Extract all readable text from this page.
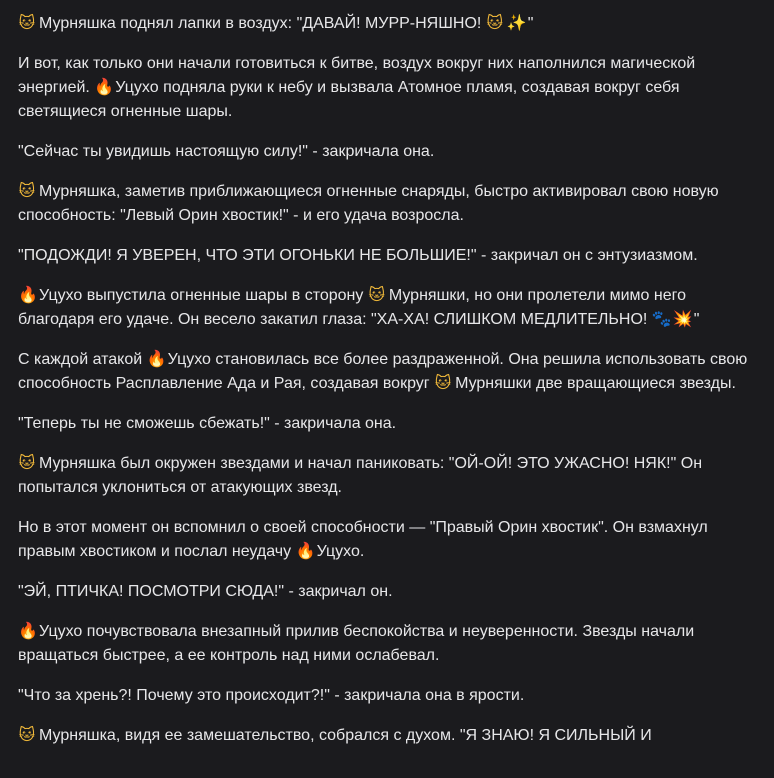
🐱 Мурняшка поднял лапки в воздух: "ДАВАЙ! МУРР-НЯШНО! 🐱 ✨"

И вот, как только они начали готовиться к битве, воздух вокруг них наполнился магической энергией. 🔥Уцухо подняла руки к небу и вызвала Атомное пламя, создавая вокруг себя светящиеся огненные шары.

"Сейчас ты увидишь настоящую силу!" - закричала она.

🐱 Мурняшка, заметив приближающиеся огненные снаряды, быстро активировал свою новую способность: "Левый Орин хвостик!" - и его удача возросла.

"ПОДОЖДИ! Я УВЕРЕН, ЧТО ЭТИ ОГОНЬКИ НЕ БОЛЬШИЕ!" - закричал он с энтузиазмом.

🔥Уцухо выпустила огненные шары в сторону 🐱 Мурняшки, но они пролетели мимо него благодаря его удаче. Он весело закатил глаза: "ХА-ХА! СЛИШКОМ МЕДЛИТЕЛЬНО! 🐾💥"

С каждой атакой 🔥Уцухо становилась все более раздраженной. Она решила использовать свою способность Расплавление Ада и Рая, создавая вокруг 🐱 Мурняшки две вращающиеся звезды.

"Теперь ты не сможешь сбежать!" - закричала она.

🐱 Мурняшка был окружен звездами и начал паниковать: "ОЙ-ОЙ! ЭТО УЖАСНО! НЯК!" Он попытался уклониться от атакующих звезд.

Но в этот момент он вспомнил о своей способности — "Правый Орин хвостик". Он взмахнул правым хвостиком и послал неудачу 🔥Уцухо.

"ЭЙ, ПТИЧКА! ПОСМОТРИ СЮДА!" - закричал он.

🔥Уцухо почувствовала внезапный прилив беспокойства и неуверенности. Звезды начали вращаться быстрее, а ее контроль над ними ослабевал.

"Что за хрень?! Почему это происходит?!" - закричала она в ярости.

🐱 Мурняшка, видя ее замешательство, собрался с духом. "Я ЗНАЮ! Я СИЛЬНЫЙ И
